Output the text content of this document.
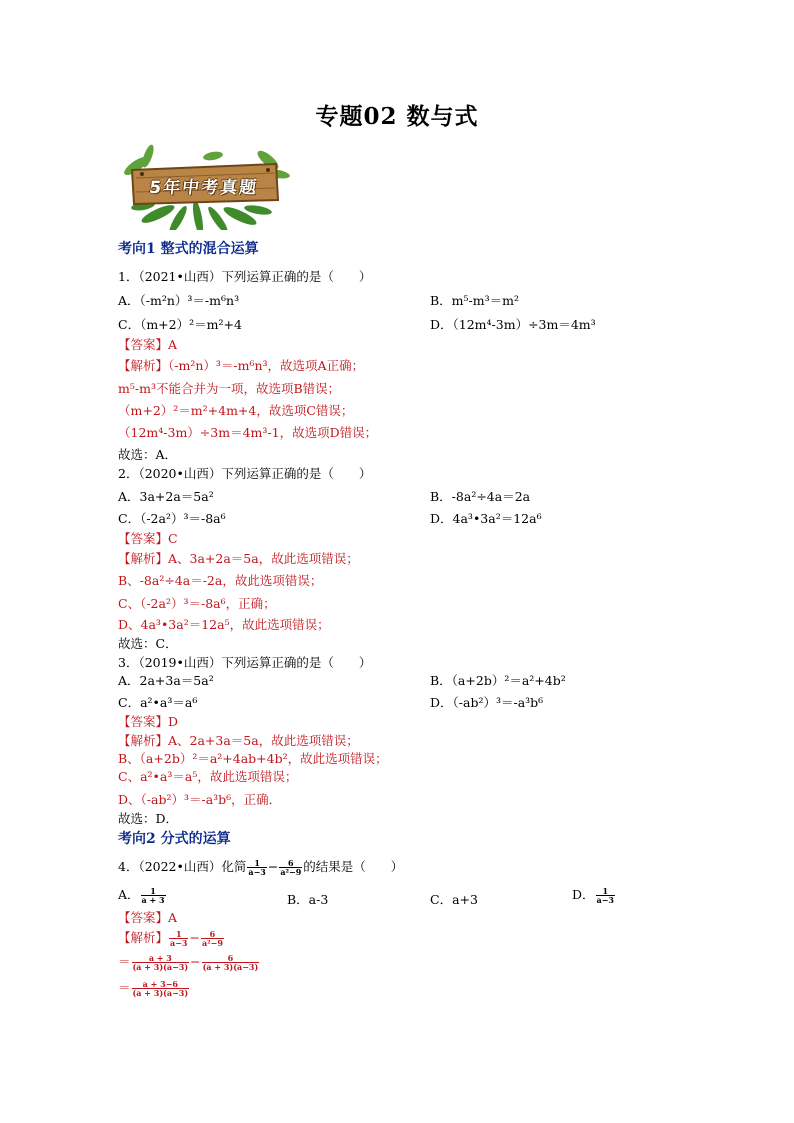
专题02 数与式
5年中考真题
考向1 整式的混合运算
1．（2021•山西）下列运算正确的是（　　）
A．（-m²n）³＝-m⁶n³	B．m⁵-m³＝m²
C．（m+2）²＝m²+4	D．（12m⁴-3m）÷3m＝4m³
【答案】A
【解析】（-m²n）³＝-m⁶n³，故选项A正确；
m⁵-m³不能合并为一项，故选项B错误；
（m+2）²＝m²+4m+4，故选项C错误；
（12m⁴-3m）÷3m＝4m³-1，故选项D错误；
故选：A．
2．（2020•山西）下列运算正确的是（　　）
A．3a+2a＝5a²	B．-8a²÷4a＝2a
C．（-2a²）³＝-8a⁶	D．4a³•3a²＝12a⁶
【答案】C
【解析】A、3a+2a＝5a，故此选项错误；
B、-8a²÷4a＝-2a，故此选项错误；
C、（-2a²）³＝-8a⁶，正确；
D、4a³•3a²＝12a⁵，故此选项错误；
故选：C．
3．（2019•山西）下列运算正确的是（　　）
A．2a+3a＝5a²	B．（a+2b）²＝a²+4b²
C．a²•a³＝a⁶	D．（-ab²）³＝-a³b⁶
【答案】D
【解析】A、2a+3a＝5a，故此选项错误；
B、（a+2b）²＝a²+4ab+4b²，故此选项错误；
C、a²•a³＝a⁵，故此选项错误；
D、（-ab²）³＝-a³b⁶，正确．
故选：D．
考向2 分式的运算
4．（2022•山西）化简 $\frac{1}{a-3} - \frac{6}{\text{a²−9}}$ 的结果是（　　）
A． $\frac{1}{a + 3}$	B．a-3	C．a+3	D． $\frac{1}{a-3}$
【答案】A
【解析】 $\frac{1}{a-3} - \frac{6}{\text{a²−9}}$
＝ $\frac{a + 3}{(a + 3)(a-3)} - \frac{6}{(a + 3)(a-3)}$
＝ $\frac{a + 3-6}{(a + 3)(a-3)}$
